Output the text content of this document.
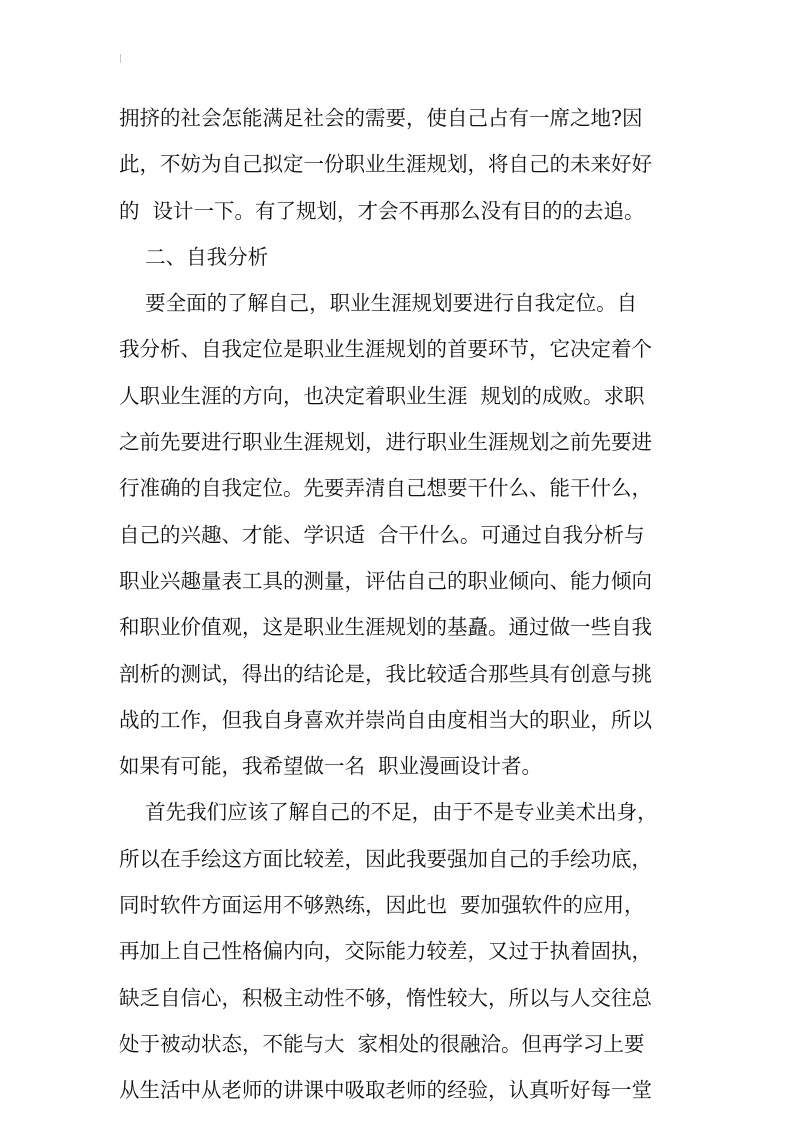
拥挤的社会怎能满足社会的需要，使自己占有一席之地?因
此，不妨为自己拟定一份职业生涯规划，将自己的未来好好
的  设计一下。有了规划，才会不再那么没有目的的去追。
二、自我分析
要全面的了解自己，职业生涯规划要进行自我定位。自
我分析、自我定位是职业生涯规划的首要环节，它决定着个
人职业生涯的方向，也决定着职业生涯  规划的成败。求职
之前先要进行职业生涯规划，进行职业生涯规划之前先要进
行准确的自我定位。先要弄清自己想要干什么、能干什么，
自己的兴趣、才能、学识适  合干什么。可通过自我分析与
职业兴趣量表工具的测量，评估自己的职业倾向、能力倾向
和职业价值观，这是职业生涯规划的基矗。通过做一些自我
剖析的测试，得出的结论是，我比较适合那些具有创意与挑
战的工作，但我自身喜欢并崇尚自由度相当大的职业，所以
如果有可能，我希望做一名  职业漫画设计者。
首先我们应该了解自己的不足，由于不是专业美术出身，
所以在手绘这方面比较差，因此我要强加自己的手绘功底，
同时软件方面运用不够熟练，因此也  要加强软件的应用，
再加上自己性格偏内向，交际能力较差，又过于执着固执，
缺乏自信心，积极主动性不够，惰性较大，所以与人交往总
处于被动状态，不能与大  家相处的很融洽。但再学习上要
从生活中从老师的讲课中吸取老师的经验，认真听好每一堂
